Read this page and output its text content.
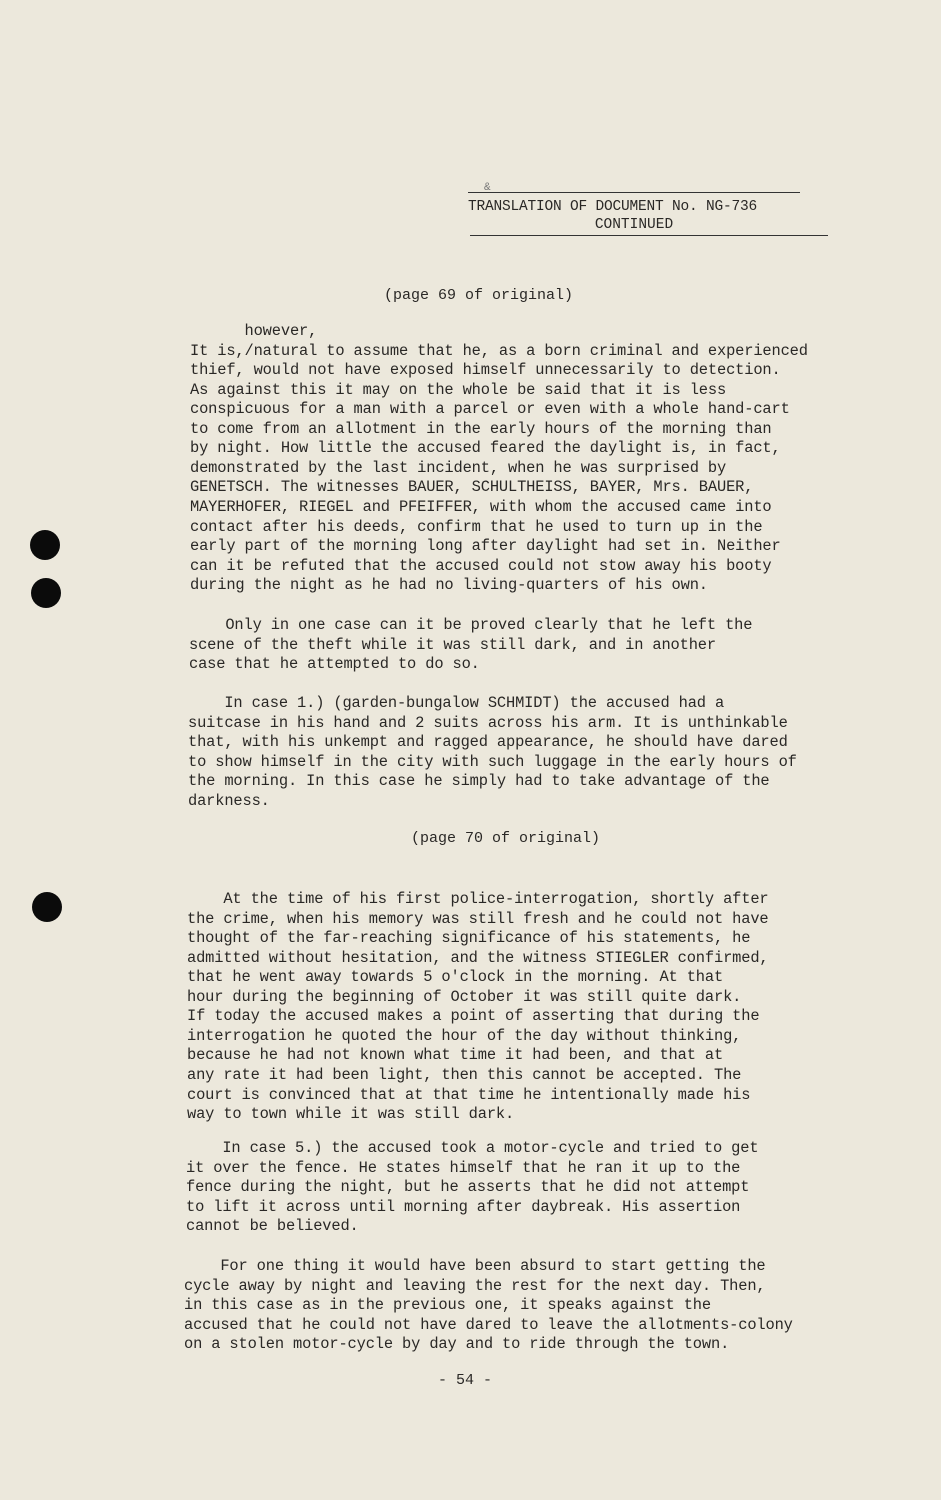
&
TRANSLATION OF DOCUMENT No. NG-736
CONTINUED
(page 69 of original)
(page 70 of original)
however,
It is,/natural to assume that he, as a born criminal and experienced
thief, would not have exposed himself unnecessarily to detection.
As against this it may on the whole be said that it is less
conspicuous for a man with a parcel or even with a whole hand-cart
to come from an allotment in the early hours of the morning than
by night. How little the accused feared the daylight is, in fact,
demonstrated by the last incident, when he was surprised by
GENETSCH. The witnesses BAUER, SCHULTHEISS, BAYER, Mrs. BAUER,
MAYERHOFER, RIEGEL and PFEIFFER, with whom the accused came into
contact after his deeds, confirm that he used to turn up in the
early part of the morning long after daylight had set in. Neither
can it be refuted that the accused could not stow away his booty
during the night as he had no living-quarters of his own.
Only in one case can it be proved clearly that he left the
scene of the theft while it was still dark, and in another
case that he attempted to do so.
In case 1.) (garden-bungalow SCHMIDT) the accused had a
suitcase in his hand and 2 suits across his arm. It is unthinkable
that, with his unkempt and ragged appearance, he should have dared
to show himself in the city with such luggage in the early hours of
the morning. In this case he simply had to take advantage of the
darkness.
At the time of his first police-interrogation, shortly after
the crime, when his memory was still fresh and he could not have
thought of the far-reaching significance of his statements, he
admitted without hesitation, and the witness STIEGLER confirmed,
that he went away towards 5 o'clock in the morning. At that
hour during the beginning of October it was still quite dark.
If today the accused makes a point of asserting that during the
interrogation he quoted the hour of the day without thinking,
because he had not known what time it had been, and that at
any rate it had been light, then this cannot be accepted. The
court is convinced that at that time he intentionally made his
way to town while it was still dark.
In case 5.) the accused took a motor-cycle and tried to get
it over the fence. He states himself that he ran it up to the
fence during the night, but he asserts that he did not attempt
to lift it across until morning after daybreak. His assertion
cannot be believed.
For one thing it would have been absurd to start getting the
cycle away by night and leaving the rest for the next day. Then,
in this case as in the previous one, it speaks against the
accused that he could not have dared to leave the allotments-colony
on a stolen motor-cycle by day and to ride through the town.
- 54 -
